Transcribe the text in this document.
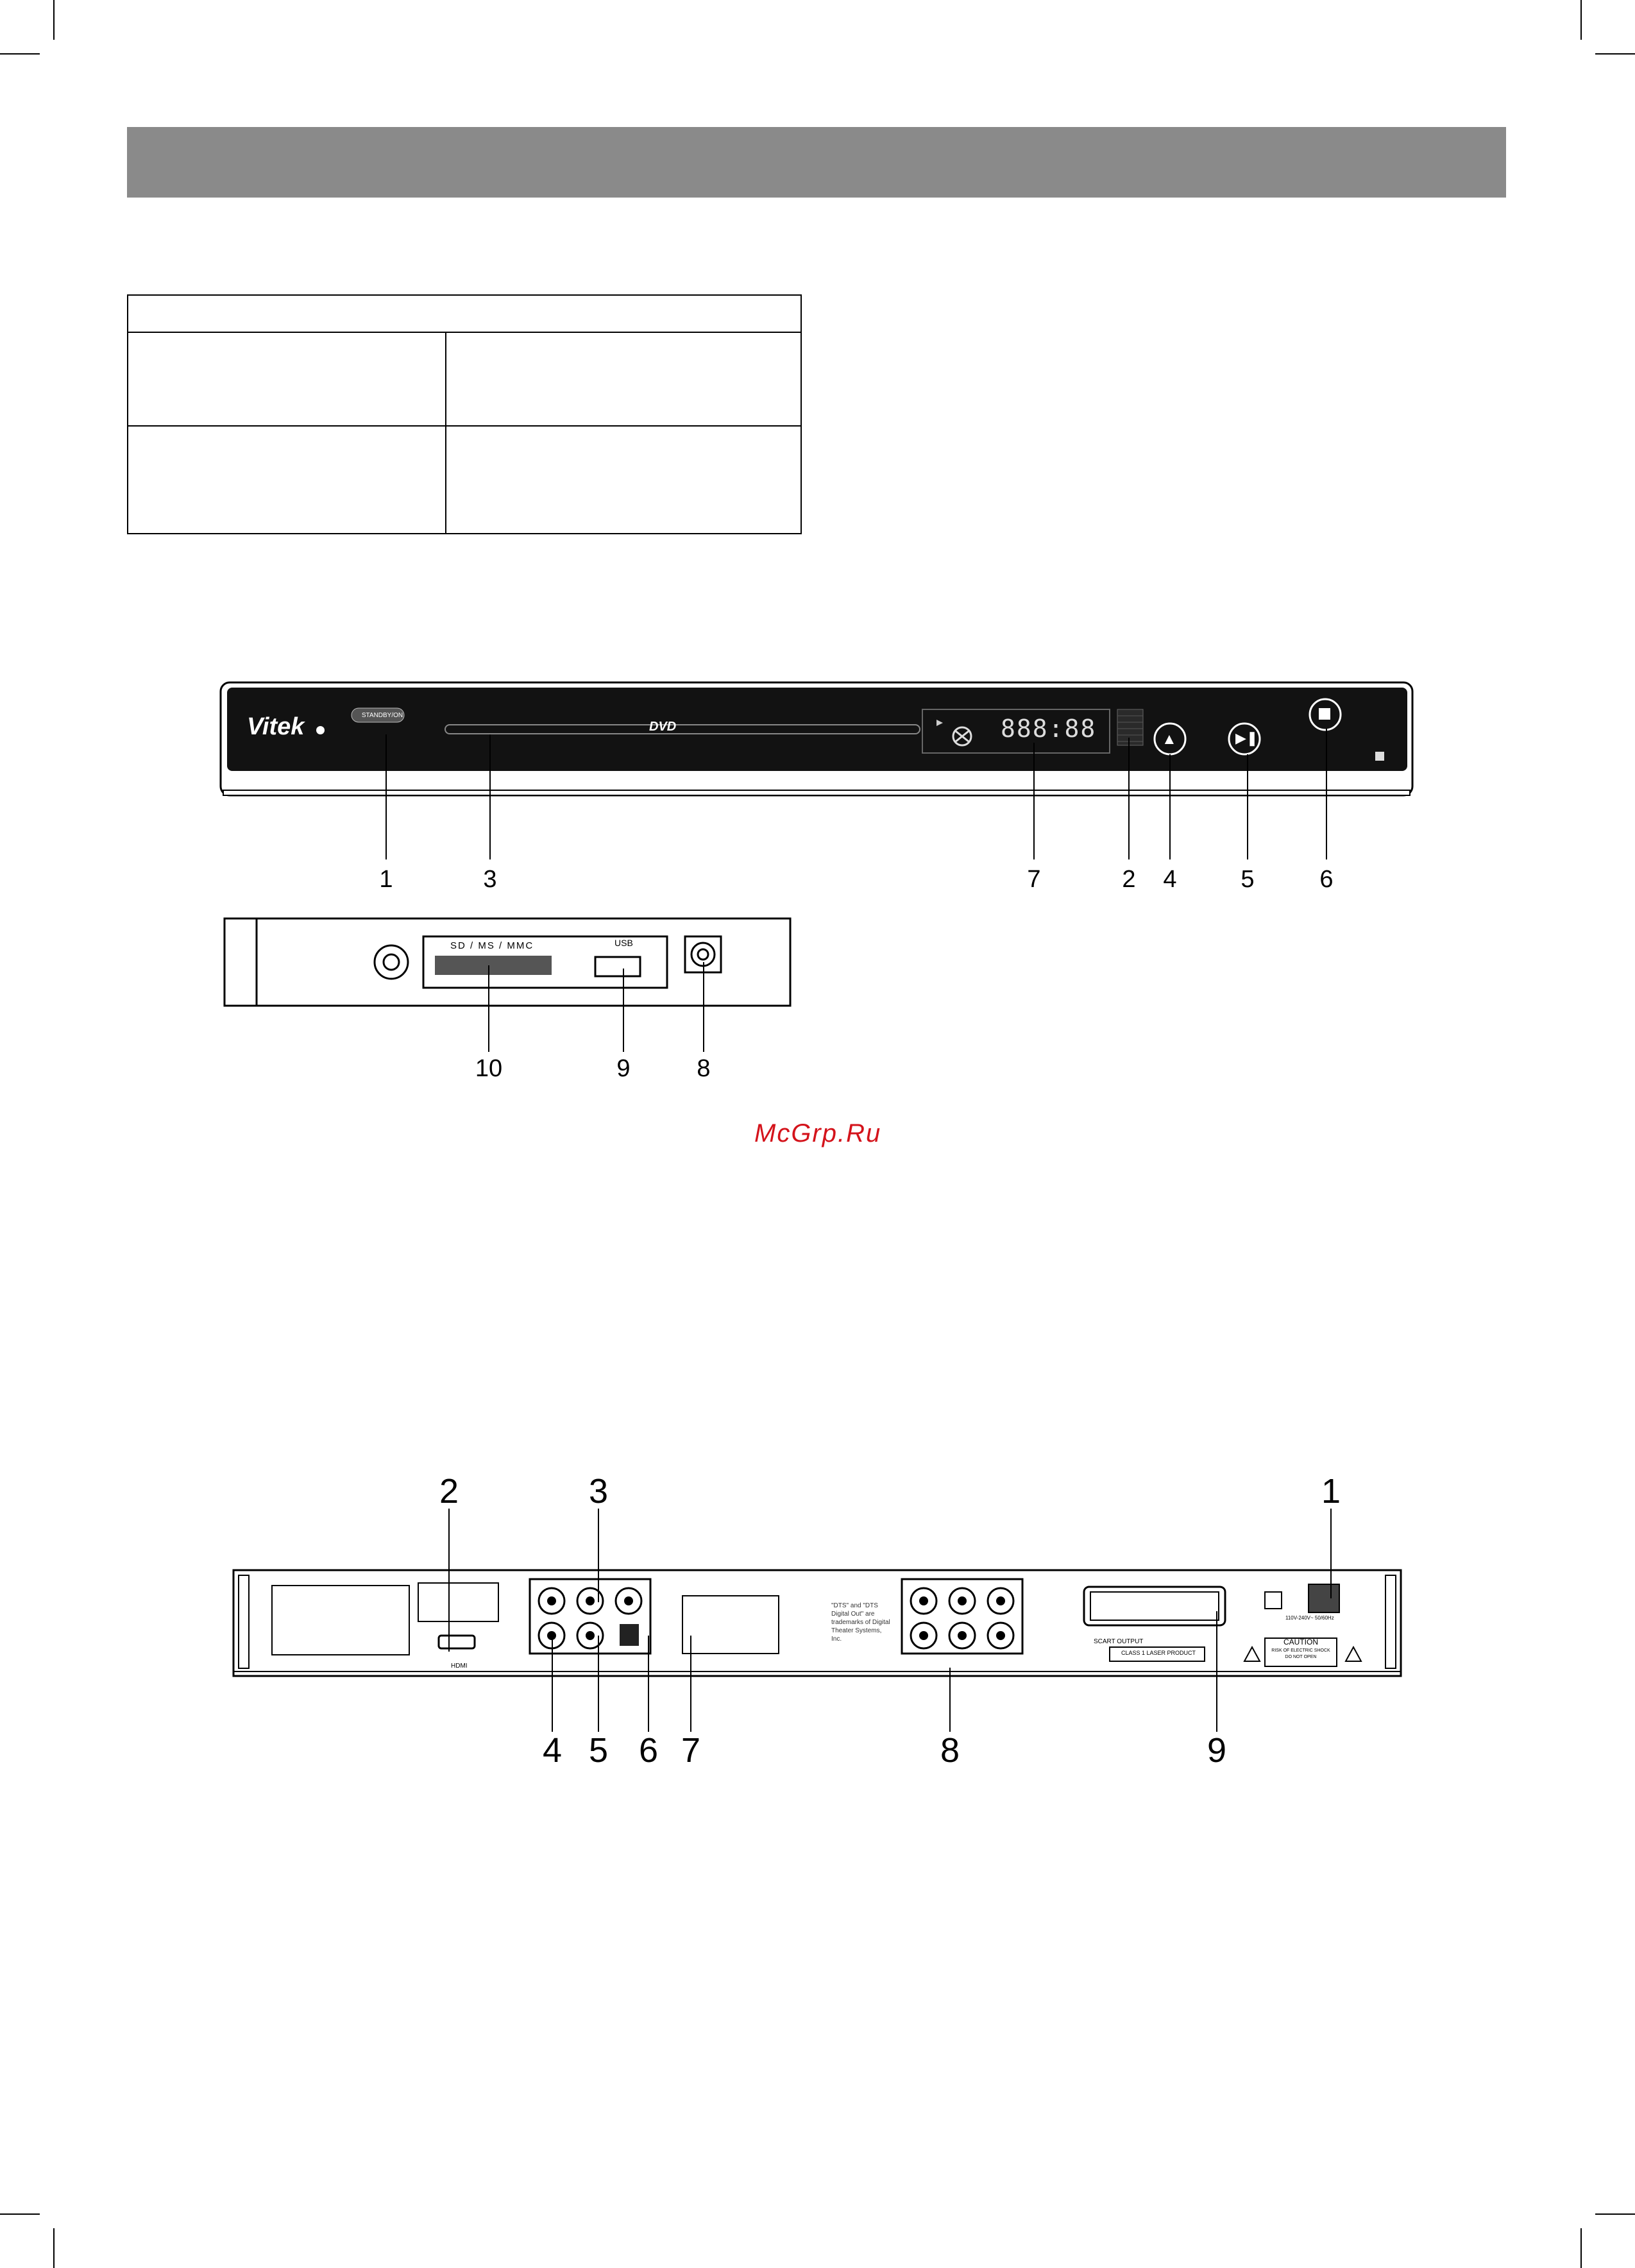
Vitek	STANDBY/ON
DVD	888:88	▲	▶❚
1	3	7	2 4	5	6
SD / MS / MMC	USB
10	9	8
McGrp.Ru
HDMI
"DTS" and "DTS Digital Out" are trademarks of Digital Theater Systems, Inc.	SCART OUTPUT
CLASS 1 LASER PRODUCT
CAUTION
RISK OF ELECTRIC SHOCK
DO NOT OPEN
110V-240V~ 50/60Hz
2	3	1
4 5 6 7	8	9
